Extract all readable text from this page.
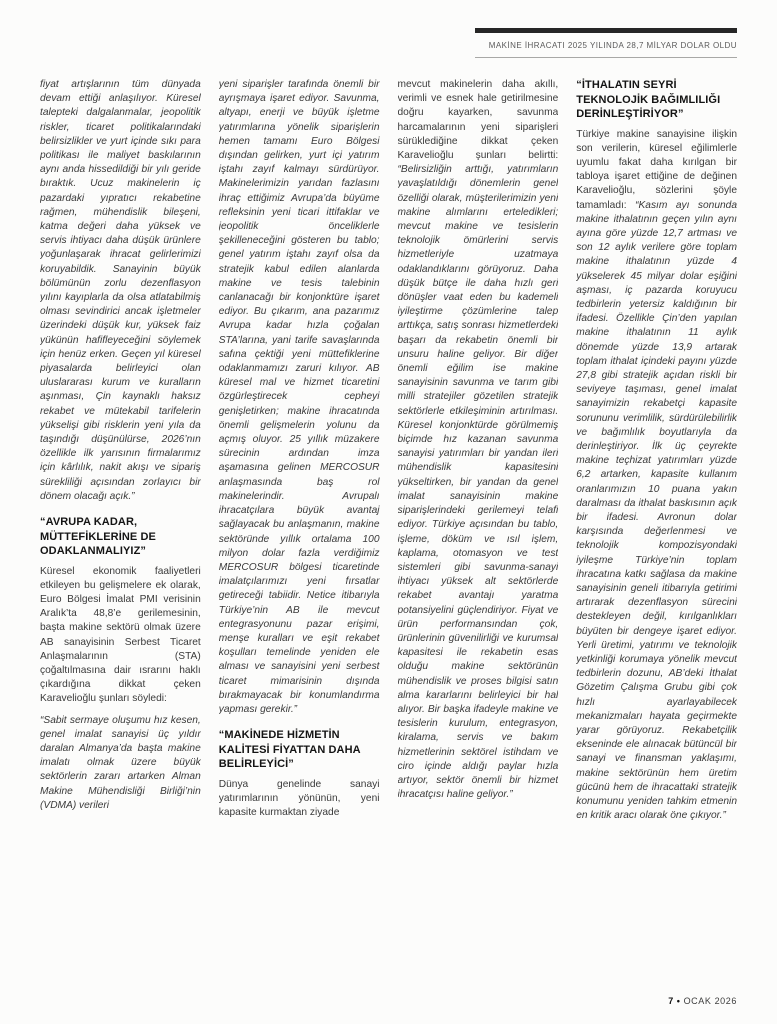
MAKİNE İHRACATI 2025 YILINDA 28,7 MİLYAR DOLAR OLDU

fiyat artışlarının tüm dünyada devam ettiği anlaşılıyor. Küresel talepteki dalgalanmalar, jeopolitik riskler, ticaret politikalarındaki belirsizlikler ve yurt içinde sıkı para politikası ile maliyet baskılarının aynı anda hissedildiği bir yılı geride bıraktık. Ucuz makinelerin iç pazardaki yıpratıcı rekabetine rağmen, mühendislik bileşeni, katma değeri daha yüksek ve servis ihtiyacı daha düşük ürünlere yoğunlaşarak ihracat gelirlerimizi koruyabildik. Sanayinin büyük bölümünün zorlu dezenflasyon yılını kayıplarla da olsa atlatabilmiş olması sevindirici ancak işletmeler üzerindeki düşük kur, yüksek faiz yükünün hafifleyeceğini söylemek için henüz erken. Geçen yıl küresel piyasalarda belirleyici olan uluslararası kurum ve kuralların aşınması, Çin kaynaklı haksız rekabet ve mütekabil tarifelerin yükselişi gibi risklerin yeni yıla da taşındığı düşünülürse, 2026’nın özellikle ilk yarısının firmalarımız için kârlılık, nakit akışı ve sipariş sürekliliği açısından zorlayıcı bir dönem olacağı açık.”

“AVRUPA KADAR, MÜTTEFİKLERİNE DE ODAKLANMALIYIZ”

Küresel ekonomik faaliyetleri etkileyen bu gelişmelere ek olarak, Euro Bölgesi İmalat PMI verisinin Aralık’ta 48,8’e gerilemesinin, başta makine sektörü olmak üzere AB sanayisinin Serbest Ticaret Anlaşmalarının (STA) çoğaltılmasına dair ısrarını haklı çıkardığına dikkat çeken Karavelioğlu şunları söyledi:

“Sabit sermaye oluşumu hız kesen, genel imalat sanayisi üç yıldır daralan Almanya’da başta makine imalatı olmak üzere büyük sektörlerin zararı artarken Alman Makine Mühendisliği Birliği’nin (VDMA) verileri

yeni siparişler tarafında önemli bir ayrışmaya işaret ediyor. Savunma, altyapı, enerji ve büyük işletme yatırımlarına yönelik siparişlerin hemen tamamı Euro Bölgesi dışından gelirken, yurt içi yatırım iştahı zayıf kalmayı sürdürüyor. Makinelerimizin yarıdan fazlasını ihraç ettiğimiz Avrupa’da büyüme refleksinin yeni ticari ittifaklar ve jeopolitik önceliklerle şekilleneceğini gösteren bu tablo; genel yatırım iştahı zayıf olsa da stratejik kabul edilen alanlarda makine ve tesis talebinin canlanacağı bir konjonktüre işaret ediyor. Bu çıkarım, ana pazarımız Avrupa kadar hızla çoğalan STA’larına, yani tarife savaşlarında safına çektiği yeni müttefiklerine odaklanmamızı zaruri kılıyor. AB küresel mal ve hizmet ticaretini özgürleştirecek cepheyi genişletirken; makine ihracatında önemli gelişmelerin yolunu da açmış oluyor. 25 yıllık müzakere sürecinin ardından imza aşamasına gelinen MERCOSUR anlaşmasında baş rol makinelerindir. Avrupalı ihracatçılara büyük avantaj sağlayacak bu anlaşmanın, makine sektöründe yıllık ortalama 100 milyon dolar fazla verdiğimiz MERCOSUR bölgesi ticaretinde imalatçılarımızı yeni fırsatlar getireceği tabiidir. Netice itibarıyla Türkiye’nin AB ile mevcut entegrasyonunu pazar erişimi, menşe kuralları ve eşit rekabet koşulları temelinde yeniden ele alması ve sanayisini yeni serbest ticaret mimarisinin dışında bırakmayacak bir konumlandırma yapması gerekir.”

“MAKİNEDE HİZMETİN KALİTESİ FİYATTAN DAHA BELİRLEYİCİ”

Dünya genelinde sanayi yatırımlarının yönünün, yeni kapasite kurmaktan ziyade

mevcut makinelerin daha akıllı, verimli ve esnek hale getirilmesine doğru kayarken, savunma harcamalarının yeni siparişleri sürüklediğine dikkat çeken Karavelioğlu şunları belirtti: “Belirsizliğin arttığı, yatırımların yavaşlatıldığı dönemlerin genel özelliği olarak, müşterilerimizin yeni makine alımlarını erteledikleri; mevcut makine ve tesislerin teknolojik ömürlerini servis hizmetleriyle uzatmaya odaklandıklarını görüyoruz. Daha düşük bütçe ile daha hızlı geri dönüşler vaat eden bu kademeli iyileştirme çözümlerine talep arttıkça, satış sonrası hizmetlerdeki başarı da rekabetin önemli bir unsuru haline geliyor. Bir diğer önemli eğilim ise makine sanayisinin savunma ve tarım gibi milli stratejiler gözetilen stratejik sektörlerle etkileşiminin artırılması. Küresel konjonktürde görülmemiş biçimde hız kazanan savunma sanayisi yatırımları bir yandan ileri mühendislik kapasitesini yükseltirken, bir yandan da genel imalat sanayisinin makine siparişlerindeki gerilemeyi telafi ediyor. Türkiye açısından bu tablo, işleme, döküm ve ısıl işlem, kaplama, otomasyon ve test sistemleri gibi savunma-sanayi ihtiyacı yüksek alt sektörlerde rekabet avantajı yaratma potansiyelini güçlendiriyor. Fiyat ve ürün performansından çok, ürünlerinin güvenilirliği ve kurumsal kapasitesi ile rekabetin esas olduğu makine sektörünün mühendislik ve proses bilgisi satın alma kararlarını belirleyici bir hal alıyor. Bir başka ifadeyle makine ve tesislerin kurulum, entegrasyon, kiralama, servis ve bakım hizmetlerinin sektörel istihdam ve ciro içinde aldığı paylar hızla artıyor, sektör önemli bir hizmet ihracatçısı haline geliyor.”

“İTHALATIN SEYRİ TEKNOLOJİK BAĞIMLILIĞI DERİNLEŞTİRİYOR”

Türkiye makine sanayisine ilişkin son verilerin, küresel eğilimlerle uyumlu fakat daha kırılgan bir tabloya işaret ettiğine de değinen Karavelioğlu, sözlerini şöyle tamamladı: “Kasım ayı sonunda makine ithalatının geçen yılın aynı ayına göre yüzde 12,7 artması ve son 12 aylık verilere göre toplam makine ithalatının yüzde 4 yükselerek 45 milyar dolar eşiğini aşması, iç pazarda koruyucu tedbirlerin yetersiz kaldığının bir ifadesi. Özellikle Çin’den yapılan makine ithalatının 11 aylık dönemde yüzde 13,9 artarak toplam ithalat içindeki payını yüzde 27,8 gibi stratejik açıdan riskli bir seviyeye taşıması, genel imalat sanayimizin rekabetçi kapasite sorununu verimlilik, sürdürülebilirlik ve bağımlılık boyutlarıyla da derinleştiriyor. İlk üç çeyrekte makine teçhizat yatırımları yüzde 6,2 artarken, kapasite kullanım oranlarımızın 10 puana yakın daralması da ithalat baskısının açık bir ifadesi. Avronun dolar karşısında değerlenmesi ve teknolojik kompozisyondaki iyileşme Türkiye’nin toplam ihracatına katkı sağlasa da makine sanayisinin geneli itibarıyla getirimi artırarak dezenflasyon sürecini destekleyen değil, kırılganlıkları büyüten bir dengeye işaret ediyor. Yerli üretimi, yatırımı ve teknolojik yetkinliği korumaya yönelik mevcut tedbirlerin dozunu, AB’deki İthalat Gözetim Çalışma Grubu gibi çok hızlı ayarlayabilecek mekanizmaları hayata geçirmekte yarar görüyoruz. Rekabetçilik ekseninde ele alınacak bütüncül bir sanayi ve finansman yaklaşımı, makine sektörünün hem üretim gücünü hem de ihracattaki stratejik konumunu yeniden tahkim etmenin en kritik aracı olarak öne çıkıyor.”

7 • OCAK 2026
